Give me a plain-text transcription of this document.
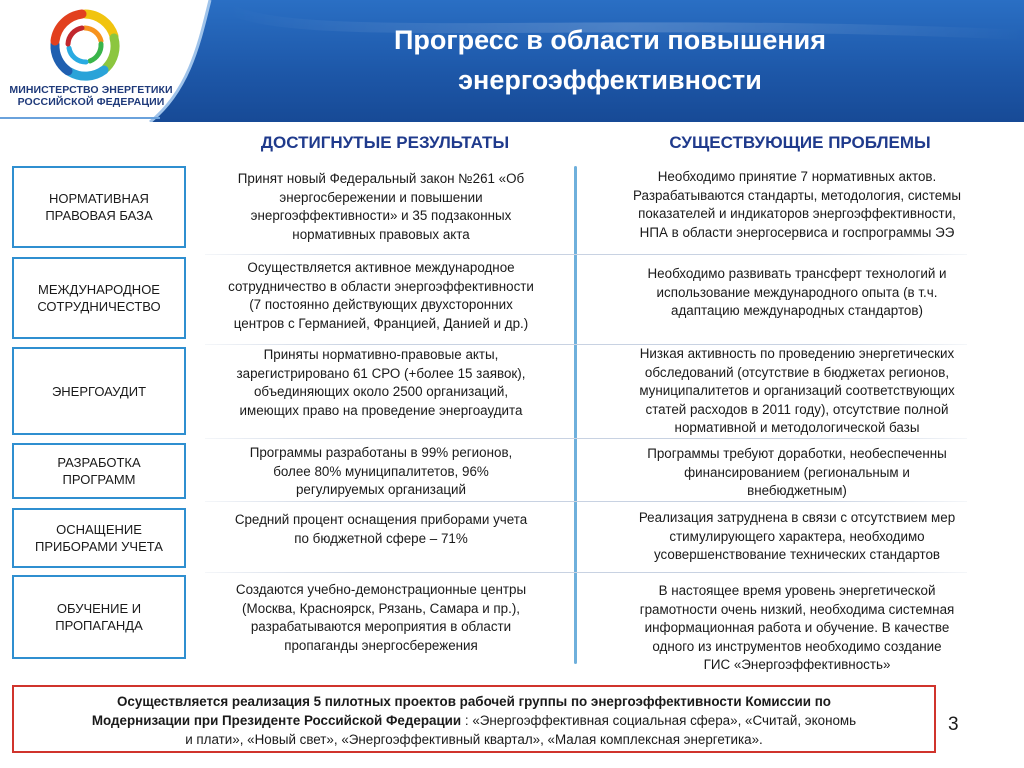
МИНИСТЕРСТВО ЭНЕРГЕТИКИ
РОССИЙСКОЙ ФЕДЕРАЦИИ
Прогресс в области повышения
энергоэффективности
ДОСТИГНУТЫЕ РЕЗУЛЬТАТЫ	СУЩЕСТВУЮЩИЕ ПРОБЛЕМЫ
НОРМАТИВНАЯ
ПРАВОВАЯ БАЗА
Принят новый Федеральный закон №261 «Об
энергосбережении и повышении
энергоэффективности» и 35 подзаконных
нормативных правовых акта
Необходимо принятие 7 нормативных актов.
Разрабатываются стандарты, методология, системы
показателей и индикаторов энергоэффективности,
НПА в области энергосервиса и госпрограммы ЭЭ
МЕЖДУНАРОДНОЕ
СОТРУДНИЧЕСТВО
Осуществляется активное международное
сотрудничество в области энергоэффективности
(7 постоянно действующих двухсторонних
центров с Германией, Францией, Данией и др.)
Необходимо развивать трансферт технологий и
использование международного опыта (в т.ч.
адаптацию международных стандартов)
ЭНЕРГОАУДИТ
Приняты нормативно-правовые акты,
зарегистрировано 61 СРО (+более 15 заявок),
объединяющих около 2500 организаций,
имеющих право на проведение энергоаудита
Низкая активность по проведению энергетических
обследований (отсутствие в бюджетах регионов,
муниципалитетов и организаций соответствующих
статей расходов в 2011 году), отсутствие полной
нормативной и методологической базы
РАЗРАБОТКА
ПРОГРАММ
Программы разработаны в 99% регионов,
более 80% муниципалитетов, 96%
регулируемых организаций
Программы требуют доработки, необеспеченны
финансированием (региональным и
внебюджетным)
ОСНАЩЕНИЕ
ПРИБОРАМИ УЧЕТА
Средний процент оснащения приборами учета
по бюджетной сфере – 71%
Реализация затруднена в связи с отсутствием мер
стимулирующего характера, необходимо
усовершенствование технических стандартов
ОБУЧЕНИЕ И
ПРОПАГАНДА
Создаются учебно-демонстрационные центры
(Москва, Красноярск, Рязань, Самара и пр.),
разрабатываются мероприятия в области
пропаганды энергосбережения
В настоящее время уровень энергетической
грамотности очень низкий, необходима системная
информационная работа и обучение. В качестве
одного из инструментов необходимо создание
ГИС «Энергоэффективность»
Осуществляется реализация 5 пилотных проектов рабочей группы по энергоэффективности Комиссии по
Модернизации при Президенте Российской Федерации : «Энергоэффективная социальная сфера», «Считай, экономь
и плати», «Новый свет», «Энергоэффективный квартал», «Малая комплексная энергетика».
3
